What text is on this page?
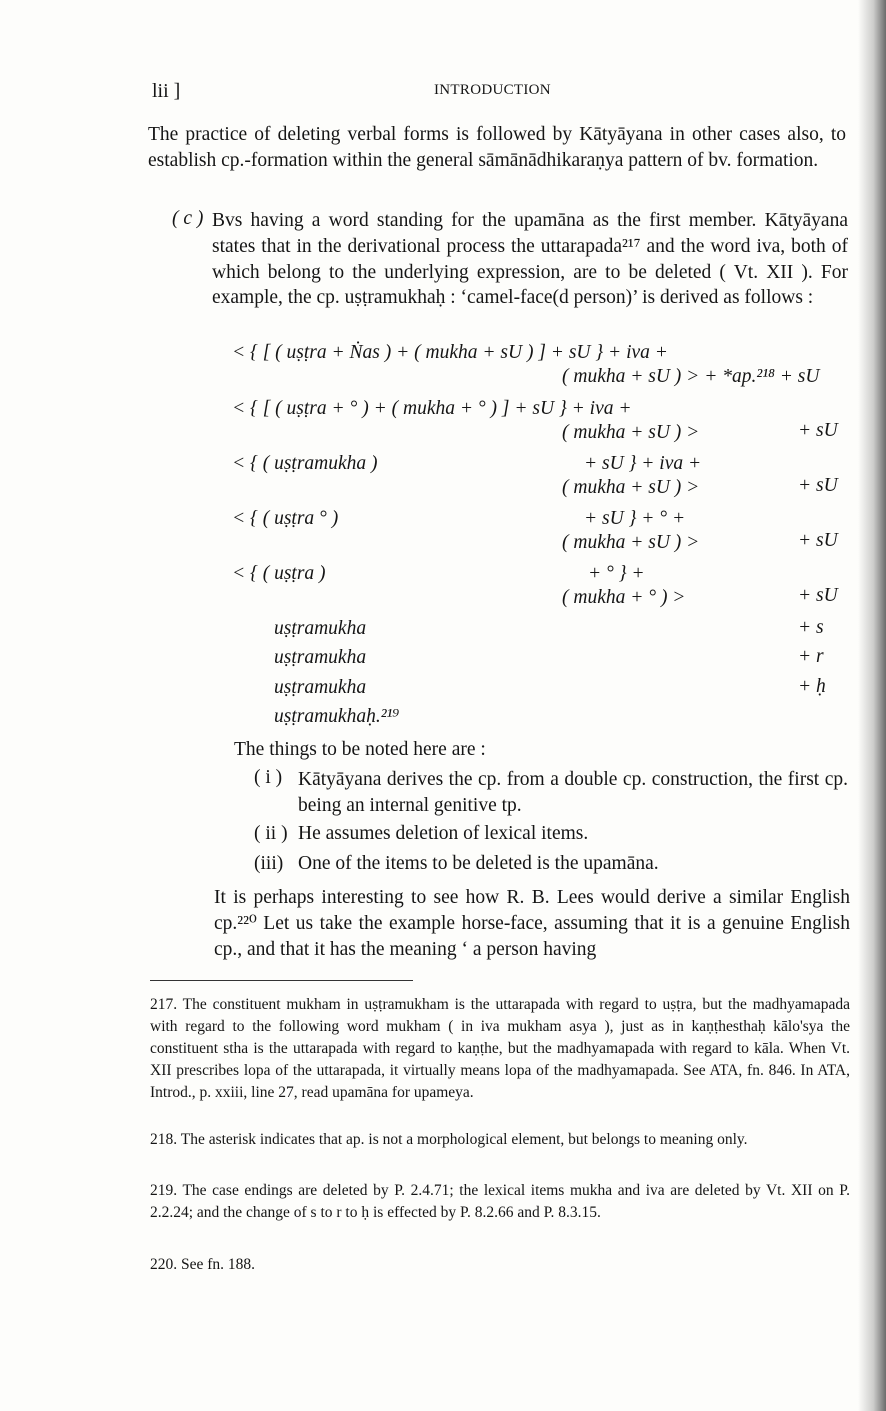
lii ]	INTRODUCTION
The practice of deleting verbal forms is followed by Kātyāyana in other cases also, to establish cp.-formation within the general sāmānādhikaraṇya pattern of bv. formation.
( c ) Bvs having a word standing for the upamāna as the first member. Kātyāyana states that in the derivational process the uttarapada²¹⁷ and the word iva, both of which belong to the underlying expression, are to be deleted ( Vt. XII ). For example, the cp. uṣṭramukhaḥ : ‘camel-face(d person)’ is derived as follows :
< { [ ( uṣṭra + Ṅas ) + ( mukha + sU ) ] + sU } + iva +
( mukha + sU ) > + *ap.²¹⁸ + sU
< { [ ( uṣṭra + ° ) + ( mukha + ° ) ] + sU } + iva +
( mukha + sU ) >	+ sU
< { ( uṣṭramukha )	+ sU } + iva +
( mukha + sU ) >	+ sU
< { ( uṣṭra ° )	+ sU } + ° +
( mukha + sU ) >	+ sU
< { ( uṣṭra )	+ ° } +
( mukha + ° ) >	+ sU
uṣṭramukha	+ s
uṣṭramukha	+ r
uṣṭramukha	+ ḥ
uṣṭramukhaḥ.²¹⁹
The things to be noted here are :
( i ) Kātyāyana derives the cp. from a double cp. construction, the first cp. being an internal genitive tp.
( ii ) He assumes deletion of lexical items.
(iii) One of the items to be deleted is the upamāna.
It is perhaps interesting to see how R. B. Lees would derive a similar English cp.²²⁰ Let us take the example horse-face, assuming that it is a genuine English cp., and that it has the meaning ‘ a person having
217. The constituent mukham in uṣṭramukham is the uttarapada with regard to uṣṭra, but the madhyamapada with regard to the following word mukham ( in iva mukham asya ), just as in kaṇṭhesthaḥ kālo'sya the constituent stha is the uttarapada with regard to kaṇṭhe, but the madhyamapada with regard to kāla. When Vt. XII prescribes lopa of the uttarapada, it virtually means lopa of the madhyamapada. See ATA, fn. 846. In ATA, Introd., p. xxiii, line 27, read upamāna for upameya.
218. The asterisk indicates that ap. is not a morphological element, but belongs to meaning only.
219. The case endings are deleted by P. 2.4.71; the lexical items mukha and iva are deleted by Vt. XII on P. 2.2.24; and the change of s to r to ḥ is effected by P. 8.2.66 and P. 8.3.15.
220. See fn. 188.
